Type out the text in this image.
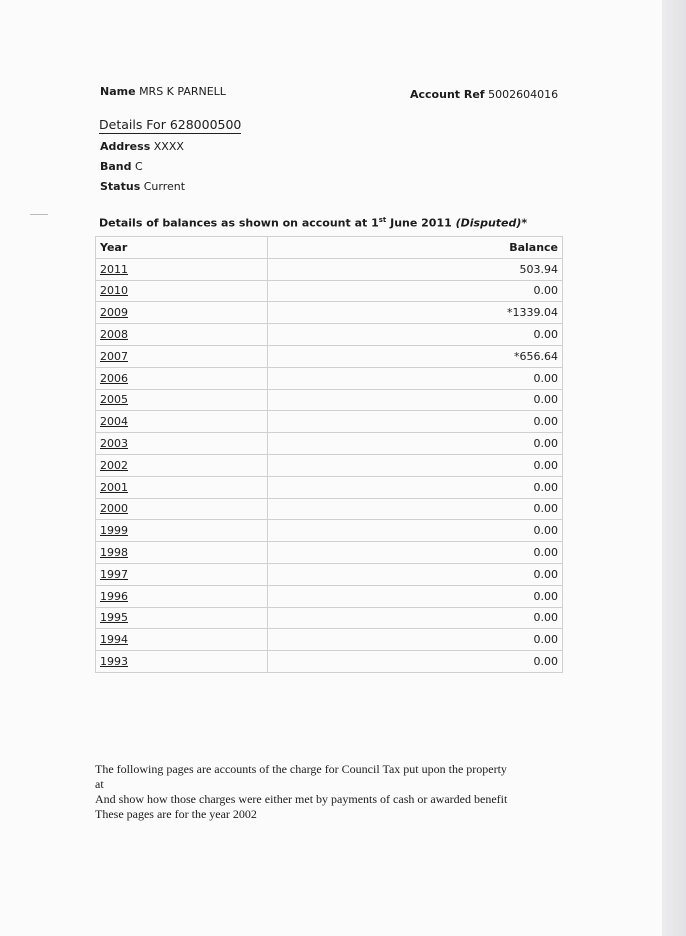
Name MRS K PARNELL	Account Ref 5002604016
Details For 628000500
Address XXXX
Band C
Status Current
Details of balances as shown on account at 1st June 2011 (Disputed)*
Year	Balance
2011	503.94
2010	0.00
2009	*1339.04
2008	0.00
2007	*656.64
2006	0.00
2005	0.00
2004	0.00
2003	0.00
2002	0.00
2001	0.00
2000	0.00
1999	0.00
1998	0.00
1997	0.00
1996	0.00
1995	0.00
1994	0.00
1993	0.00

The following pages are accounts of the charge for Council Tax put upon the property

at

And show how those charges were either met by payments of cash or awarded benefit

These pages are for the year 2002
